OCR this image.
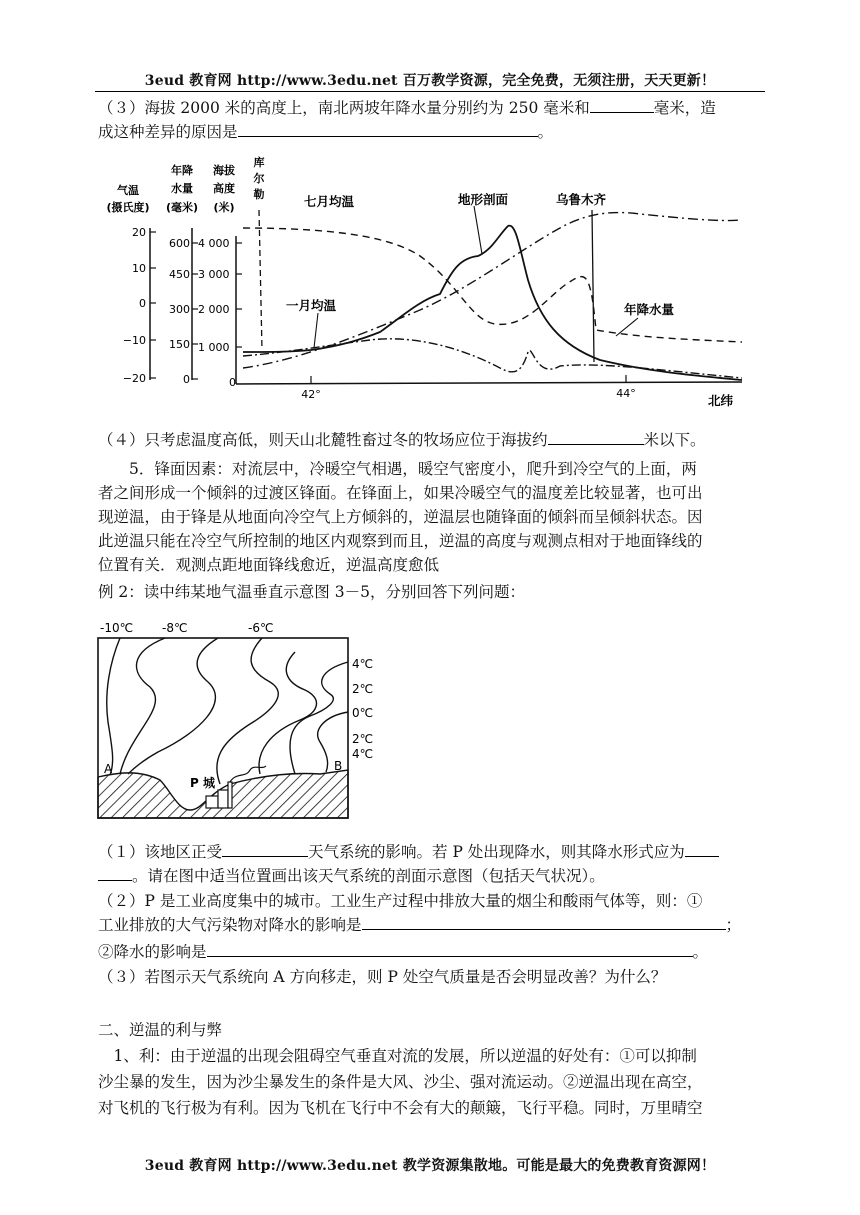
3eud 教育网 http://www.3edu.net 百万教学资源，完全免费，无须注册，天天更新！
（３）海拔 2000 米的高度上，南北两坡年降水量分别约为 250 毫米和	毫米，造
成这种差异的原因是	。
气温
(摄氏度)
年降
水量
(毫米)
海拔
高度
(米)
库
尔
勒
20
10
0
−10
−20
600
450
300
150
0
4 000
3 000
2 000
1 000
0
七月均温	地形剖面	乌鲁木齐
一月均温	年降水量
42°	44°	北纬
（４）只考虑温度高低，则天山北麓牲畜过冬的牧场应位于海拔约	米以下。
　　5．锋面因素：对流层中，冷暖空气相遇，暖空气密度小，爬升到冷空气的上面，两
者之间形成一个倾斜的过渡区锋面。在锋面上，如果冷暖空气的温度差比较显著，也可出
现逆温，由于锋是从地面向冷空气上方倾斜的，逆温层也随锋面的倾斜而呈倾斜状态。因
此逆温只能在冷空气所控制的地区内观察到而且，逆温的高度与观测点相对于地面锋线的
位置有关．观测点距地面锋线愈近，逆温高度愈低
例 2：读中纬某地气温垂直示意图 3－5，分别回答下列问题：
-10℃ -8℃	-6℃
4℃
2℃
0℃
2℃
4℃
A	B
P 城
（１）该地区正受	天气系统的影响。若 P 处出现降水，则其降水形式应为
。请在图中适当位置画出该天气系统的剖面示意图（包括天气状况）。
（２）P 是工业高度集中的城市。工业生产过程中排放大量的烟尘和酸雨气体等，则：①
工业排放的大气污染物对降水的影响是	；
②降水的影响是	。
（３）若图示天气系统向 A 方向移走，则 P 处空气质量是否会明显改善？为什么？
二、逆温的利与弊
　1、利：由于逆温的出现会阻碍空气垂直对流的发展，所以逆温的好处有：①可以抑制
沙尘暴的发生，因为沙尘暴发生的条件是大风、沙尘、强对流运动。②逆温出现在高空，
对飞机的飞行极为有利。因为飞机在飞行中不会有大的颠簸，飞行平稳。同时，万里晴空
3eud 教育网 http://www.3edu.net 教学资源集散地。可能是最大的免费教育资源网！
